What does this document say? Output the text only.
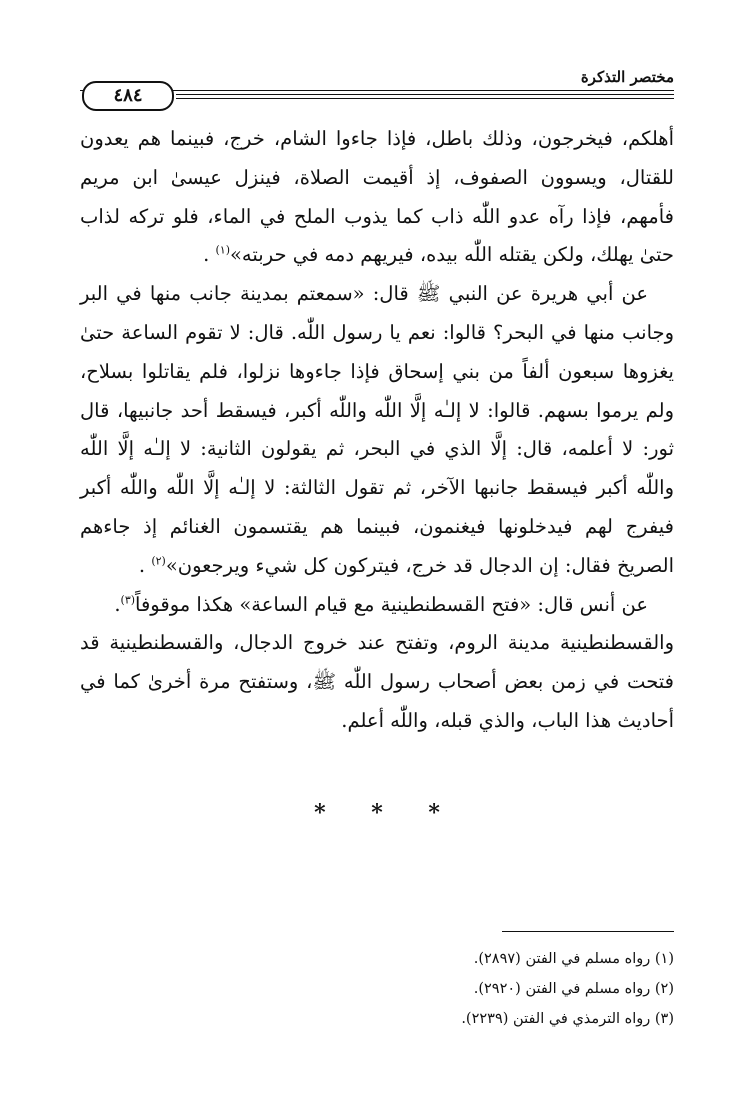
مختصر التذكرة
٤٨٤

أهلكم، فيخرجون، وذلك باطل، فإذا جاءوا الشام، خرج، فبينما هم يعدون للقتال، ويسوون الصفوف، إذ أقيمت الصلاة، فينزل عيسىٰ ابن مريم فأمهم، فإذا رآه عدو اللّٰه ذاب كما يذوب الملح في الماء، فلو تركه لذاب حتىٰ يهلك، ولكن يقتله اللّٰه بيده، فيريهم دمه في حربته»$^{(١)}$ .

عن أبي هريرة عن النبي ﷺ قال: «سمعتم بمدينة جانب منها في البر وجانب منها في البحر؟ قالوا: نعم يا رسول اللّٰه. قال: لا تقوم الساعة حتىٰ يغزوها سبعون ألفاً من بني إسحاق فإذا جاءوها نزلوا، فلم يقاتلوا بسلاح، ولم يرموا بسهم. قالوا: لا إلـٰه إلَّا اللّٰه واللّٰه أكبر، فيسقط أحد جانبيها، قال ثور: لا أعلمه، قال: إلَّا الذي في البحر، ثم يقولون الثانية: لا إلـٰه إلَّا اللّٰه واللّٰه أكبر فيسقط جانبها الآخر، ثم تقول الثالثة: لا إلـٰه إلَّا اللّٰه واللّٰه أكبر فيفرج لهم فيدخلونها فيغنمون، فبينما هم يقتسمون الغنائم إذ جاءهم الصريخ فقال: إن الدجال قد خرج، فيتركون كل شيء ويرجعون»$^{(٢)}$ .

عن أنس قال: «فتح القسطنطينية مع قيام الساعة» هكذا موقوفاً$^{(٣)}$.

والقسطنطينية مدينة الروم، وتفتح عند خروج الدجال، والقسطنطينية قد فتحت في زمن بعض أصحاب رسول اللّٰه ﷺ، وستفتح مرة أخرىٰ كما في أحاديث هذا الباب، والذي قبله، واللّٰه أعلم.

* * *
(١) رواه مسلم في الفتن (٢٨٩٧).
(٢) رواه مسلم في الفتن (٢٩٢٠).
(٣) رواه الترمذي في الفتن (٢٢٣٩).
